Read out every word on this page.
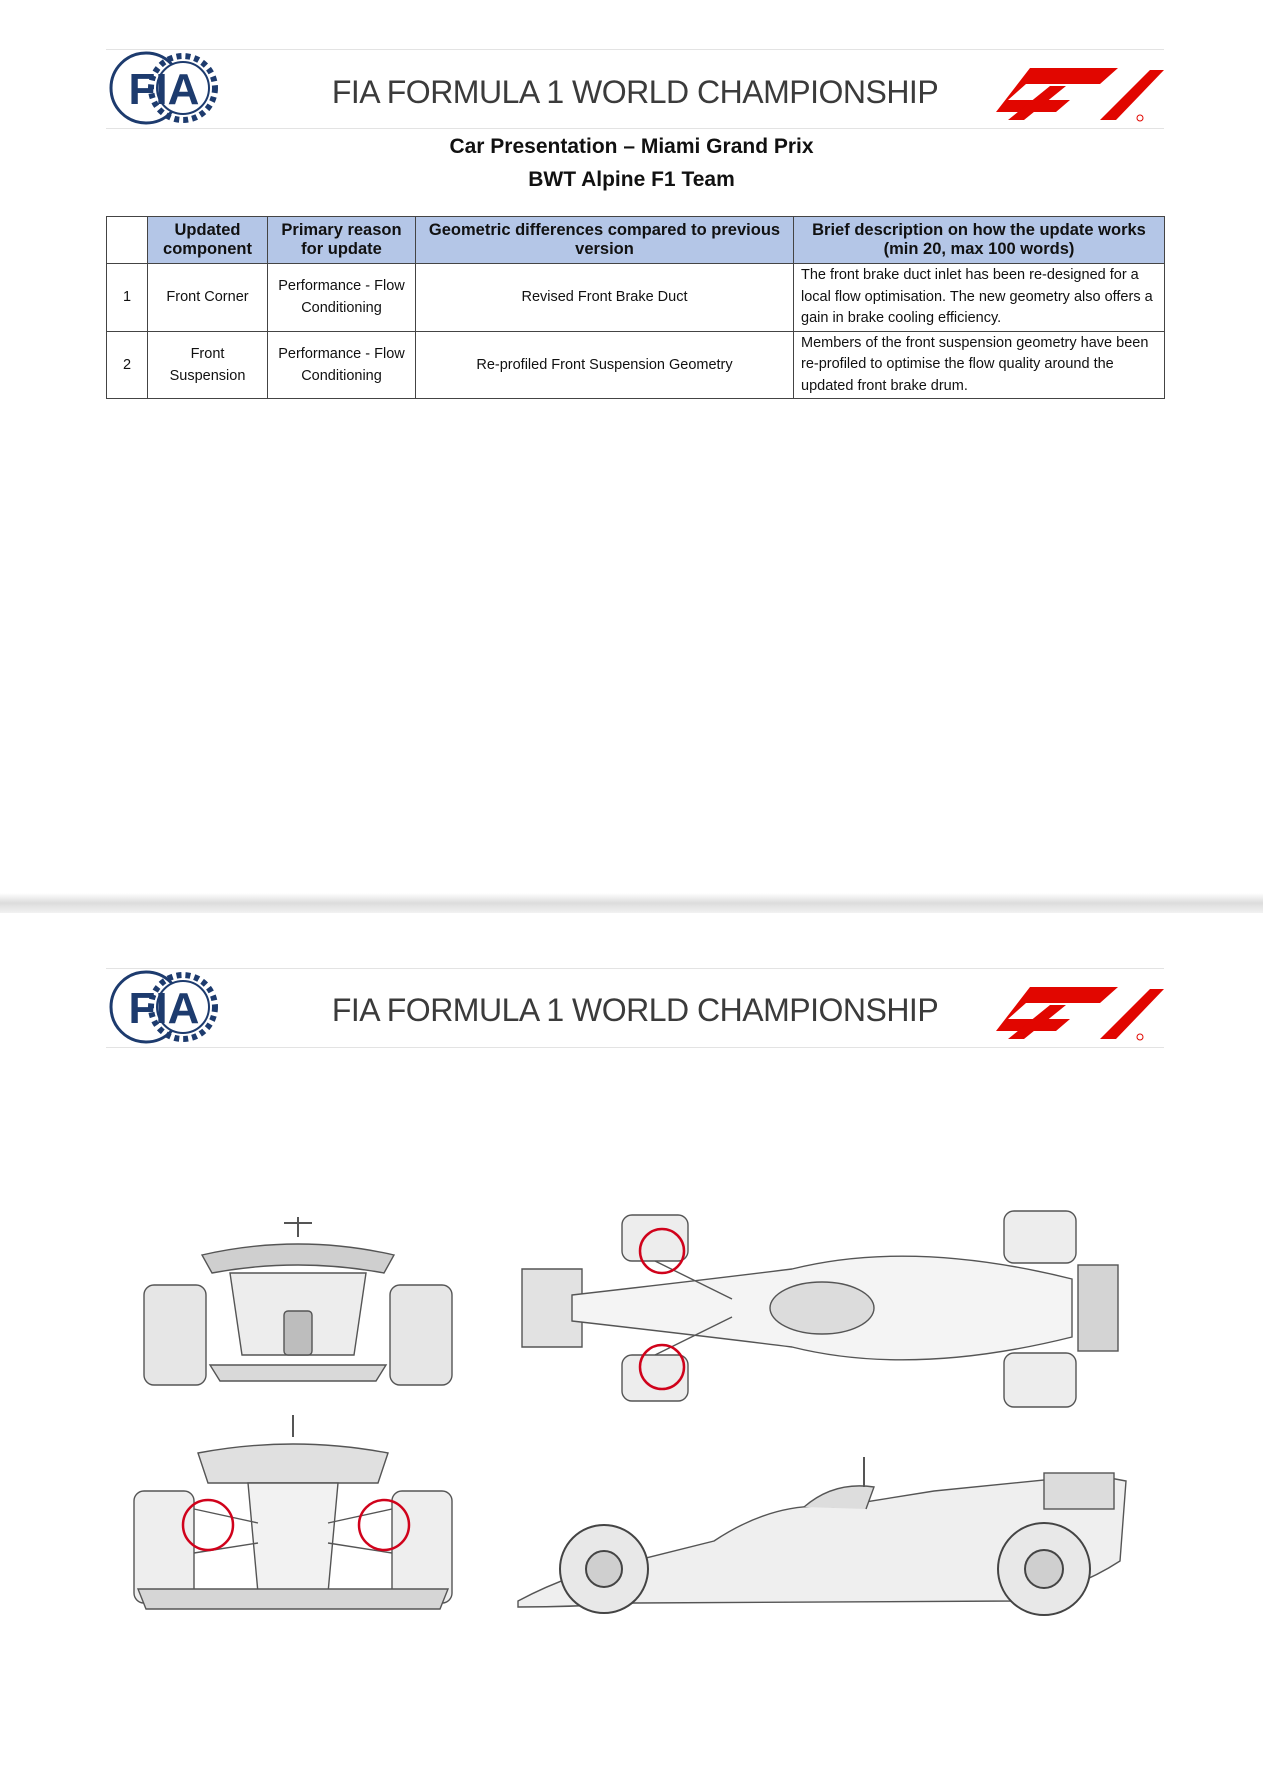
FIA	FIA FORMULA 1 WORLD CHAMPIONSHIP
Car Presentation – Miami Grand Prix
BWT Alpine F1 Team
	Updated component	Primary reason for update	Geometric differences compared to previous version	Brief description on how the update works (min 20, max 100 words)
1	Front Corner	Performance - Flow Conditioning	Revised Front Brake Duct	The front brake duct inlet has been re-designed for a local flow optimisation. The new geometry also offers a gain in brake cooling efficiency.
2	Front Suspension	Performance - Flow Conditioning	Re-profiled Front Suspension Geometry	Members of the front suspension geometry have been re-profiled to optimise the flow quality around the updated front brake drum.
FIA	FIA FORMULA 1 WORLD CHAMPIONSHIP
